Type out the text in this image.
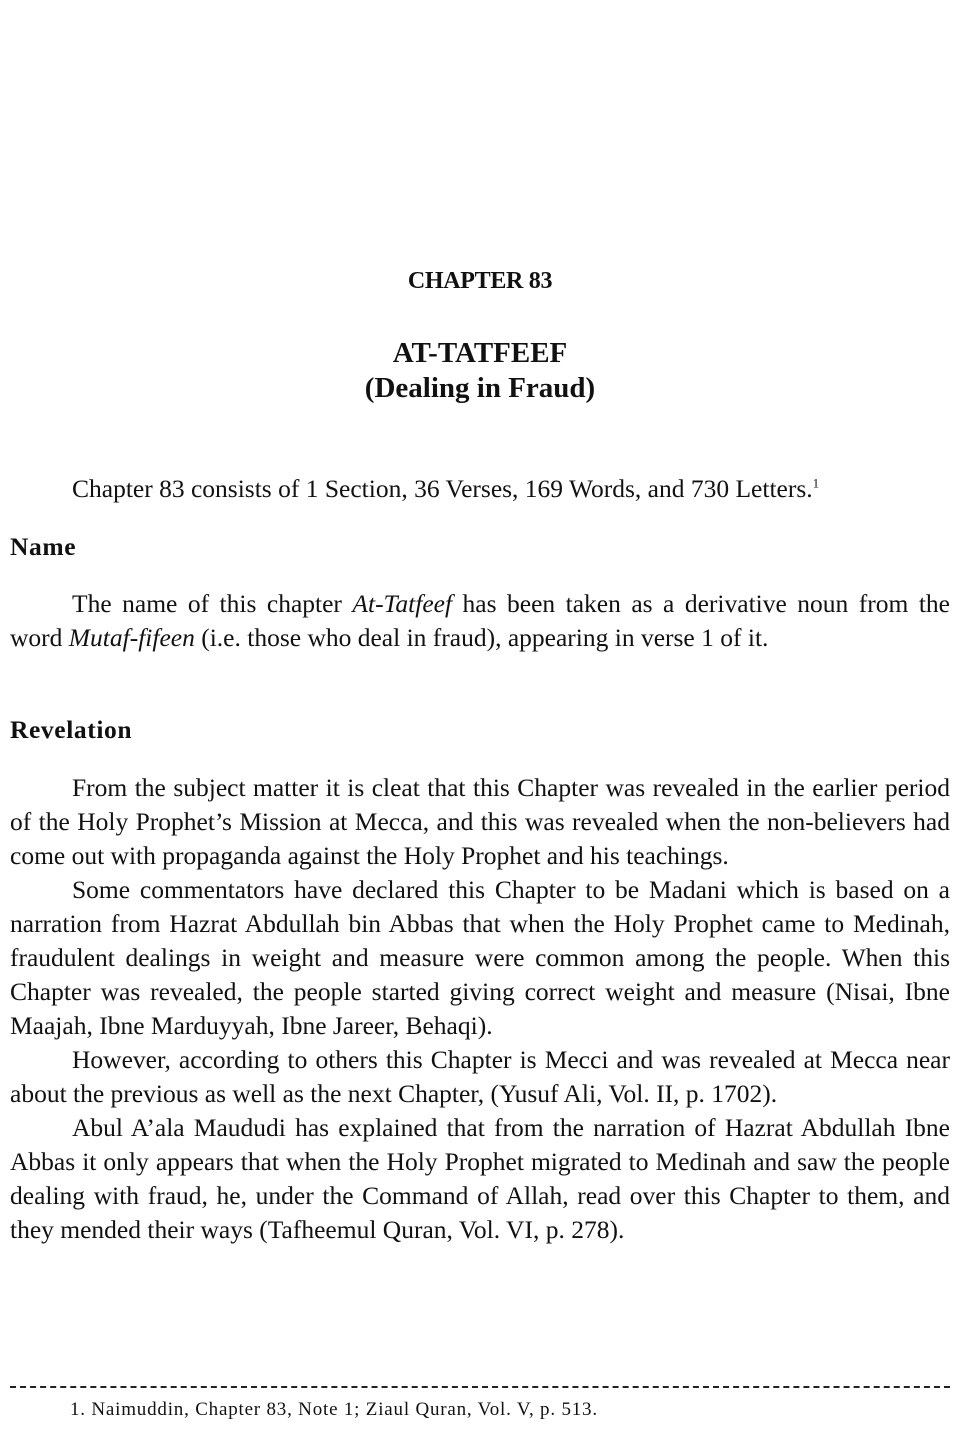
CHAPTER 83
AT-TATFEEF
(Dealing in Fraud)

Chapter 83 consists of 1 Section, 36 Verses, 169 Words, and 730 Letters.$^1$

Name

The name of this chapter At-Tatfeef has been taken as a derivative noun from the word Mutaf-fifeen (i.e. those who deal in fraud), appearing in verse 1 of it.

Revelation

From the subject matter it is cleat that this Chapter was revealed in the earlier period of the Holy Prophet’s Mission at Mecca, and this was revealed when the non-believers had come out with propaganda against the Holy Prophet and his teachings.

Some commentators have declared this Chapter to be Madani which is based on a narration from Hazrat Abdullah bin Abbas that when the Holy Prophet came to Medinah, fraudulent dealings in weight and measure were common among the people. When this Chapter was revealed, the people started giving correct weight and measure (Nisai, Ibne Maajah, Ibne Marduyyah, Ibne Jareer, Behaqi).

However, according to others this Chapter is Mecci and was revealed at Mecca near about the previous as well as the next Chapter, (Yusuf Ali, Vol. II, p. 1702).

Abul A’ala Maududi has explained that from the narration of Hazrat Abdullah Ibne Abbas it only appears that when the Holy Prophet migrated to Medinah and saw the people dealing with fraud, he, under the Command of Allah, read over this Chapter to them, and they mended their ways (Tafheemul Quran, Vol. VI, p. 278).

1. Naimuddin, Chapter 83, Note 1; Ziaul Quran, Vol. V, p. 513.
